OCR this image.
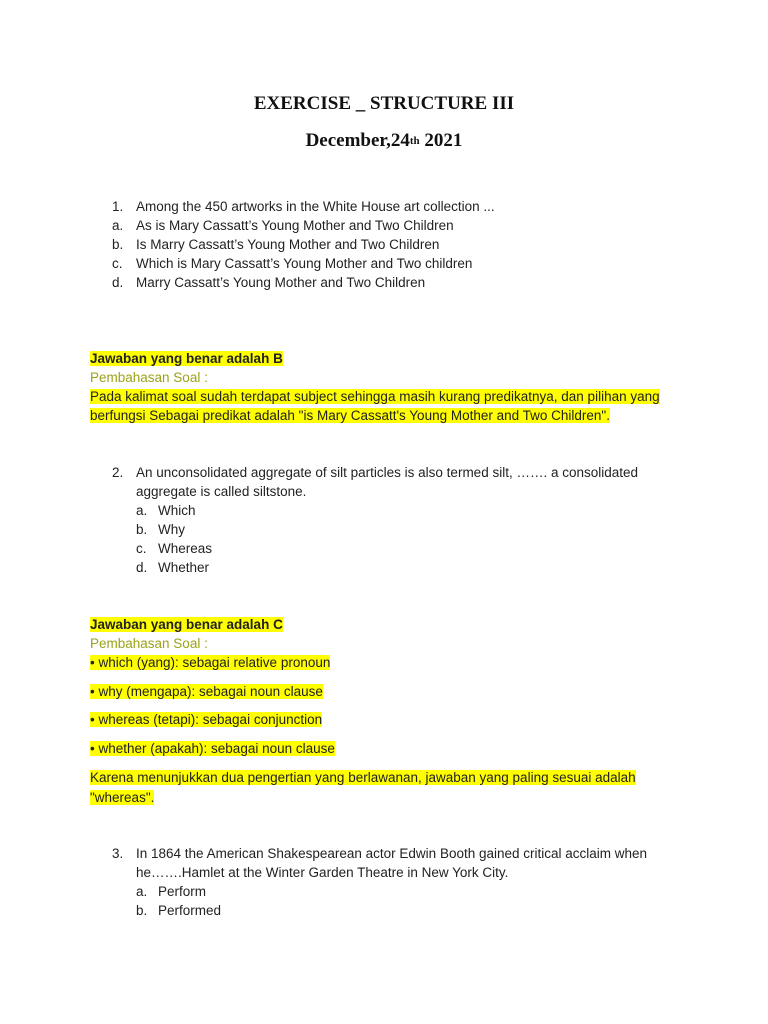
EXERCISE _ STRUCTURE III
December,24th 2021
1. Among the 450 artworks in the White House art collection ...
a. As is Mary Cassatt’s Young Mother and Two Children
b. Is Marry Cassatt’s Young Mother and Two Children
c. Which is Mary Cassatt’s Young Mother and Two children
d. Marry Cassatt’s Young Mother and Two Children
Jawaban yang benar adalah B
Pembahasan Soal :
Pada kalimat soal sudah terdapat subject sehingga masih kurang predikatnya, dan pilihan yang
berfungsi Sebagai predikat adalah "is Mary Cassatt's Young Mother and Two Children".
2. An unconsolidated aggregate of silt particles is also termed silt, ……. a consolidated
aggregate is called siltstone.
a. Which
b. Why
c. Whereas
d. Whether
Jawaban yang benar adalah C
Pembahasan Soal :
• which (yang): sebagai relative pronoun
• why (mengapa): sebagai noun clause
• whereas (tetapi): sebagai conjunction
• whether (apakah): sebagai noun clause
Karena menunjukkan dua pengertian yang berlawanan, jawaban yang paling sesuai adalah
"whereas".
3. In 1864 the American Shakespearean actor Edwin Booth gained critical acclaim when
he…….Hamlet at the Winter Garden Theatre in New York City.
a. Perform
b. Performed
